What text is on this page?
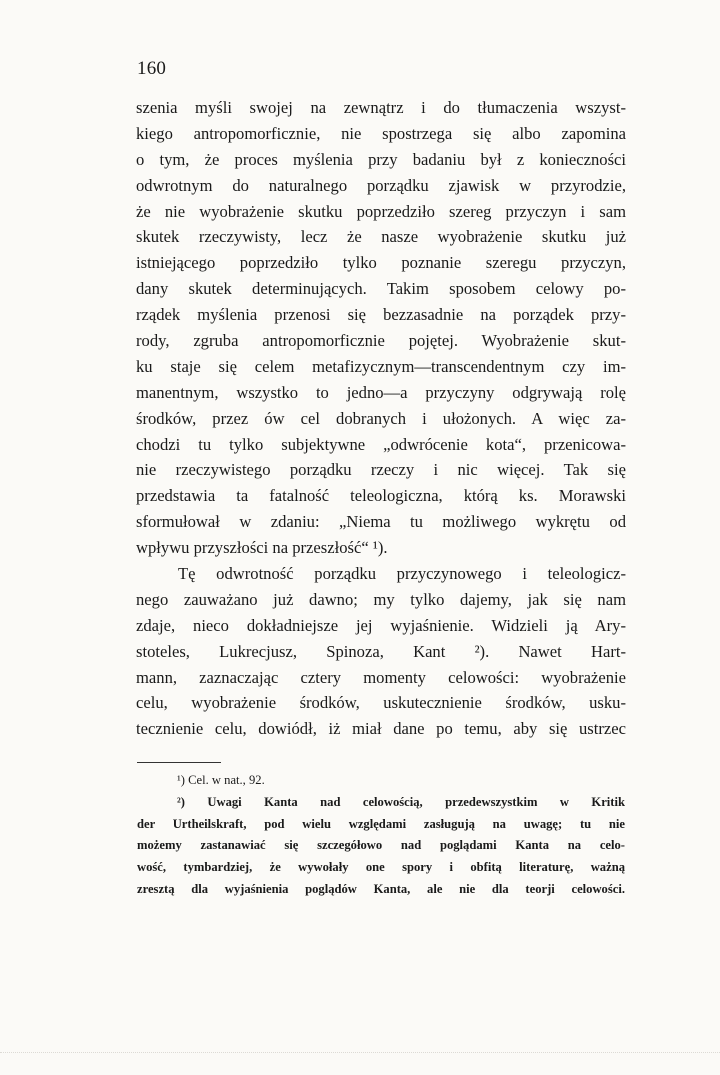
160
szenia myśli swojej na zewnątrz i do tłumaczenia wszyst-
kiego antropomorficznie, nie spostrzega się albo zapomina
o tym, że proces myślenia przy badaniu był z konieczności
odwrotnym do naturalnego porządku zjawisk w przyrodzie,
że nie wyobrażenie skutku poprzedziło szereg przyczyn i sam
skutek rzeczywisty, lecz że nasze wyobrażenie skutku już
istniejącego poprzedziło tylko poznanie szeregu przyczyn,
dany skutek determinujących. Takim sposobem celowy po-
rządek myślenia przenosi się bezzasadnie na porządek przy-
rody, zgruba antropomorficznie pojętej. Wyobrażenie skut-
ku staje się celem metafizycznym—transcendentnym czy im-
manentnym, wszystko to jedno—a przyczyny odgrywają rolę
środków, przez ów cel dobranych i ułożonych. A więc za-
chodzi tu tylko subjektywne „odwrócenie kota“, przenicowa-
nie rzeczywistego porządku rzeczy i nic więcej. Tak się
przedstawia ta fatalność teleologiczna, którą ks. Morawski
sformułował w zdaniu: „Niema tu możliwego wykrętu od
wpływu przyszłości na przeszłość“ ¹).
Tę odwrotność porządku przyczynowego i teleologicz-
nego zauważano już dawno; my tylko dajemy, jak się nam
zdaje, nieco dokładniejsze jej wyjaśnienie. Widzieli ją Ary-
stoteles, Lukrecjusz, Spinoza, Kant ²). Nawet Hart-
mann, zaznaczając cztery momenty celowości: wyobrażenie
celu, wyobrażenie środków, uskutecznienie środków, usku-
tecznienie celu, dowiódł, iż miał dane po temu, aby się ustrzec
¹) Cel. w nat., 92.
²) Uwagi Kanta nad celowością, przedewszystkim w Kritik
der Urtheilskraft, pod wielu względami zasługują na uwagę; tu nie
możemy zastanawiać się szczegółowo nad poglądami Kanta na celo-
wość, tymbardziej, że wywołały one spory i obfitą literaturę, ważną
zresztą dla wyjaśnienia poglądów Kanta, ale nie dla teorji celowości.
